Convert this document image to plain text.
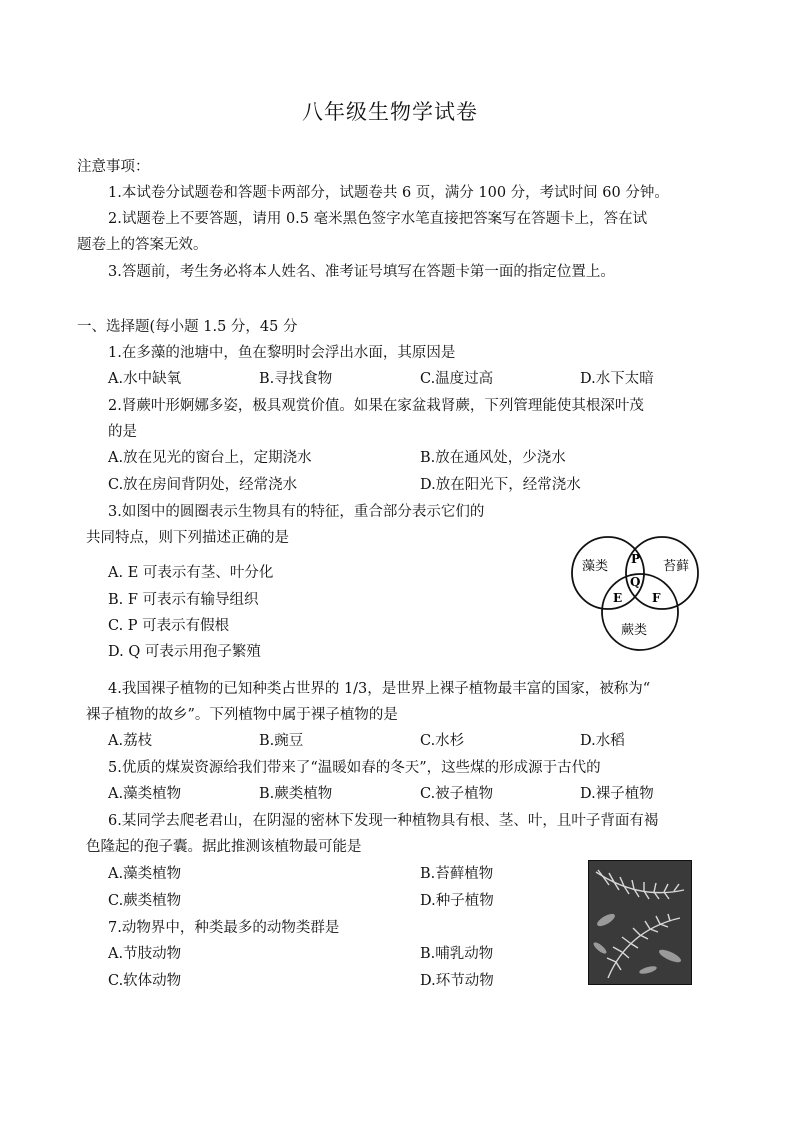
八年级生物学试卷
注意事项：
1.本试卷分试题卷和答题卡两部分，试题卷共 6 页，满分 100 分，考试时间 60 分钟。
2.试题卷上不要答题，请用 0.5 毫米黑色签字水笔直接把答案写在答题卡上，答在试
题卷上的答案无效。
3.答题前，考生务必将本人姓名、准考证号填写在答题卡第一面的指定位置上。
一、选择题(每小题 1.5 分，45 分
1.在多藻的池塘中，鱼在黎明时会浮出水面，其原因是
A.水中缺氧	B.寻找食物	C.温度过高	D.水下太暗
2.肾蕨叶形婀娜多姿，极具观赏价值。如果在家盆栽肾蕨，下列管理能使其根深叶茂
的是
A.放在见光的窗台上，定期浇水	B.放在通风处，少浇水
C.放在房间背阴处，经常浇水	D.放在阳光下，经常浇水
3.如图中的圆圈表示生物具有的特征，重合部分表示它们的
共同特点，则下列描述正确的是
A. E 可表示有茎、叶分化
B. F 可表示有输导组织
C. P 可表示有假根
D. Q 可表示用孢子繁殖
藻类	苔藓
蕨类
P
Q
E F
4.我国裸子植物的已知种类占世界的 1/3，是世界上裸子植物最丰富的国家，被称为“
裸子植物的故乡”。下列植物中属于裸子植物的是
A.荔枝	B.豌豆	C.水杉	D.水稻
5.优质的煤炭资源给我们带来了“温暖如春的冬天”，这些煤的形成源于古代的
A.藻类植物	B.蕨类植物	C.被子植物	D.裸子植物
6.某同学去爬老君山，在阴湿的密林下发现一种植物具有根、茎、叶，且叶子背面有褐
色隆起的孢子囊。据此推测该植物最可能是
A.藻类植物	B.苔藓植物
C.蕨类植物	D.种子植物
7.动物界中，种类最多的动物类群是
A.节肢动物	B.哺乳动物
C.软体动物	D.环节动物
